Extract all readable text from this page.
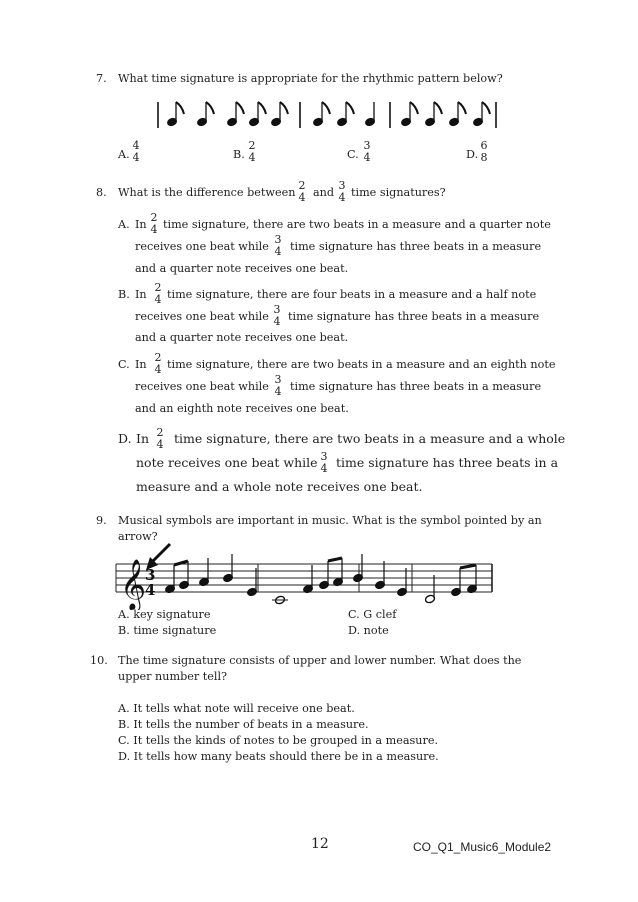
7. What time signature is appropriate for the rhythmic pattern below?
A.
4
4	B.
2
4	C.
3
4	D.
6
8
8. What is the difference between
2
4 and
3
4 time signatures?
A. In
2
4 time signature, there are two beats in a measure and a quarter note
receives one beat while
3
4 time signature has three beats in a measure
and a quarter note receives one beat.
B. In
2
4 time signature, there are four beats in a measure and a half note
receives one beat while
3
4 time signature has three beats in a measure
and a quarter note receives one beat.
C. In
2
4 time signature, there are two beats in a measure and an eighth note
receives one beat while
3
4 time signature has three beats in a measure
and an eighth note receives one beat.
D. In 2
4 time signature, there are two beats in a measure and a whole
note receives one beat while 3
4 time signature has three beats in a
measure and a whole note receives one beat.
9. Musical symbols are important in music. What is the symbol pointed by an
arrow?
𝄞
3
4
A. key signature
B. time signature
C. G clef
D. note
10. The time signature consists of upper and lower number. What does the
upper number tell?
A. It tells what note will receive one beat.
B. It tells the number of beats in a measure.
C. It tells the kinds of notes to be grouped in a measure.
D. It tells how many beats should there be in a measure.
12	CO_Q1_Music6_Module2
